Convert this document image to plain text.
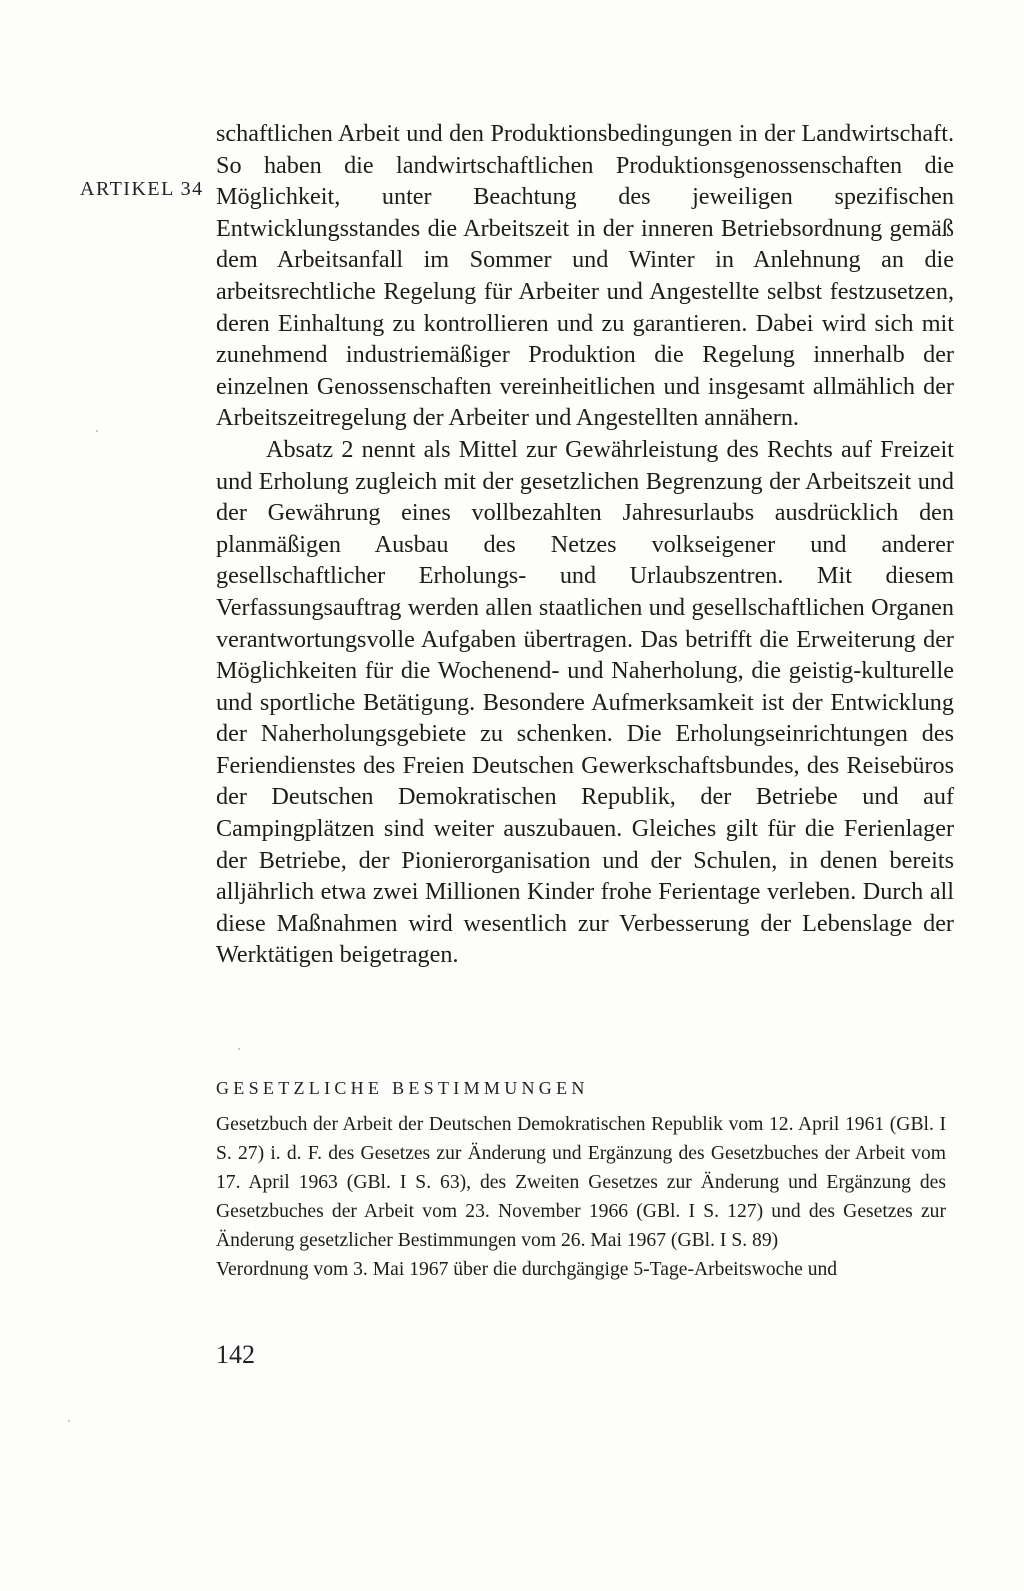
ARTIKEL 34

schaftlichen Arbeit und den Produktionsbedingungen in der Landwirtschaft. So haben die landwirtschaftlichen Produktionsgenossenschaften die Möglichkeit, unter Beachtung des jeweiligen spezifischen Entwicklungsstandes die Arbeitszeit in der inneren Betriebsordnung gemäß dem Arbeitsanfall im Sommer und Winter in Anlehnung an die arbeitsrechtliche Regelung für Arbeiter und Angestellte selbst festzusetzen, deren Einhaltung zu kontrollieren und zu garantieren. Dabei wird sich mit zunehmend industriemäßiger Produktion die Regelung innerhalb der einzelnen Genossenschaften vereinheitlichen und insgesamt allmählich der Arbeitszeitregelung der Arbeiter und Angestellten annähern.

Absatz 2 nennt als Mittel zur Gewährleistung des Rechts auf Freizeit und Erholung zugleich mit der gesetzlichen Begrenzung der Arbeitszeit und der Gewährung eines vollbezahlten Jahresurlaubs ausdrücklich den planmäßigen Ausbau des Netzes volkseigener und anderer gesellschaftlicher Erholungs- und Urlaubszentren. Mit diesem Verfassungsauftrag werden allen staatlichen und gesellschaftlichen Organen verantwortungsvolle Aufgaben übertragen. Das betrifft die Erweiterung der Möglichkeiten für die Wochenend- und Naherholung, die geistig-kulturelle und sportliche Betätigung. Besondere Aufmerksamkeit ist der Entwicklung der Naherholungsgebiete zu schenken. Die Erholungseinrichtungen des Feriendienstes des Freien Deutschen Gewerkschaftsbundes, des Reisebüros der Deutschen Demokratischen Republik, der Betriebe und auf Campingplätzen sind weiter auszubauen. Gleiches gilt für die Ferienlager der Betriebe, der Pionierorganisation und der Schulen, in denen bereits alljährlich etwa zwei Millionen Kinder frohe Ferientage verleben. Durch all diese Maßnahmen wird wesentlich zur Verbesserung der Lebenslage der Werktätigen beigetragen.

GESETZLICHE BESTIMMUNGEN

Gesetzbuch der Arbeit der Deutschen Demokratischen Republik vom 12. April 1961 (GBl. I S. 27) i. d. F. des Gesetzes zur Änderung und Ergänzung des Gesetzbuches der Arbeit vom 17. April 1963 (GBl. I S. 63), des Zweiten Gesetzes zur Änderung und Ergänzung des Gesetzbuches der Arbeit vom 23. November 1966 (GBl. I S. 127) und des Gesetzes zur Änderung gesetzlicher Bestimmungen vom 26. Mai 1967 (GBl. I S. 89)

Verordnung vom 3. Mai 1967 über die durchgängige 5-Tage-Arbeitswoche und

142
